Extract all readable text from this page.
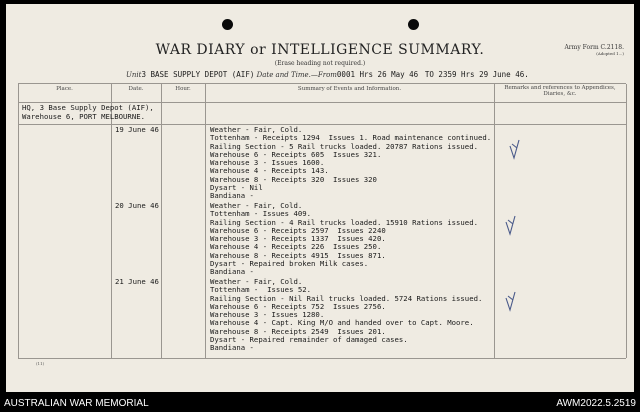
WAR DIARY or INTELLIGENCE SUMMARY.
(Erase heading not required.)
Army Form C.2118.
(Adopted 1...)
Unit3 BASE SUPPLY DEPOT (AIF) Date and Time.—From0001 Hrs 26 May 46 TO 2359 Hrs 29 June 46.
Place.	Date.	Hour.	Summary of Events and Information.	Remarks and references to Appendices, Diaries, &c.
HQ, 3 Base Supply Depot (AIF),
Warehouse 6, PORT MELBOURNE.
19 June 46	Weather - Fair, Cold.
Tottenham - Receipts 1294  Issues 1. Road maintenance continued.
Railing Section - 5 Rail trucks loaded. 20787 Rations issued.
Warehouse 6 - Receipts 605  Issues 321.
Warehouse 3 - Issues 1600.
Warehouse 4 - Receipts 143.
Warehouse 8 - Receipts 320  Issues 320
Dysart - Nil
Bandiana -
20 June 46	Weather - Fair, Cold.
Tottenham - Issues 409.
Railing Section - 4 Rail trucks loaded. 15910 Rations issued.
Warehouse 6 - Receipts 2597  Issues 2240
Warehouse 3 - Receipts 1337  Issues 420.
Warehouse 4 - Receipts 226  Issues 250.
Warehouse 8 - Receipts 4915  Issues 871.
Dysart - Repaired broken Milk cases.
Bandiana -
21 June 46	Weather - Fair, Cold.
Tottenham -  Issues 52.
Railing Section - Nil Rail trucks loaded. 5724 Rations issued.
Warehouse 6 - Receipts 752  Issues 2756.
Warehouse 3 - Issues 1280.
Warehouse 4 - Capt. King M/O and handed over to Capt. Moore.
Warehouse 8 - Receipts 2549  Issues 201.
Dysart - Repaired remainder of damaged cases.
Bandiana -
(11)
AUSTRALIAN WAR MEMORIAL	AWM2022.5.2519
